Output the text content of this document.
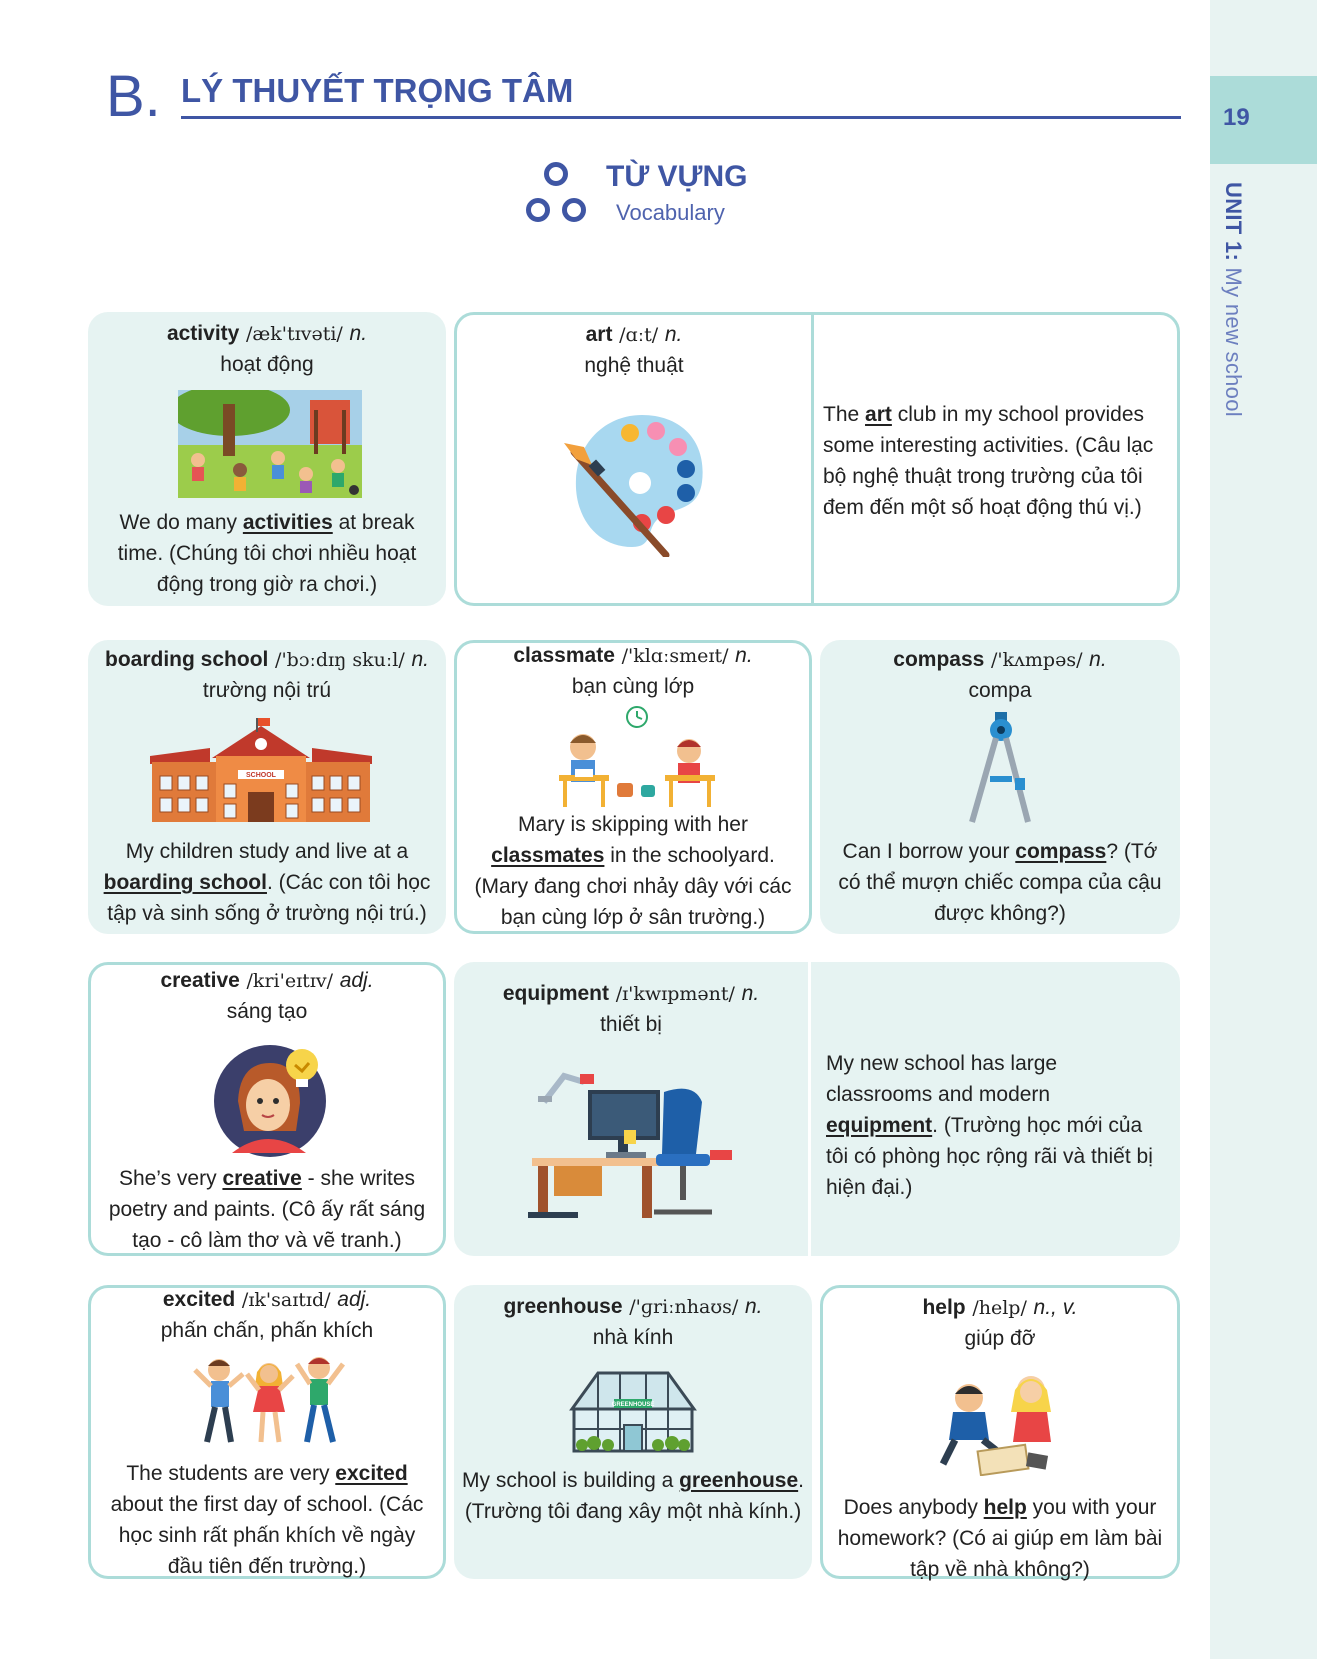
19
UNIT 1: My new school
B. LÝ THUYẾT TRỌNG TÂM
TỪ VỰNG
Vocabulary
activity /æk'tɪvəti/ n.
hoạt động
We do many activities at break time. (Chúng tôi chơi nhiều hoạt động trong giờ ra chơi.)
art /ɑːt/ n.
nghệ thuật
The art club in my school provides some interesting activities. (Câu lạc bộ nghệ thuật trong trường của tôi đem đến một số hoạt động thú vị.)
boarding school /'bɔːdɪŋ skuːl/ n.
trường nội trú
SCHOOL
My children study and live at a boarding school. (Các con tôi học tập và sinh sống ở trường nội trú.)
classmate /'klɑːsmeɪt/ n.
bạn cùng lớp
Mary is skipping with her classmates in the schoolyard. (Mary đang chơi nhảy dây với các bạn cùng lớp ở sân trường.)
compass /'kʌmpəs/ n.
compa
Can I borrow your compass? (Tớ có thể mượn chiếc compa của cậu được không?)
creative /kri'eɪtɪv/ adj.
sáng tạo
She’s very creative - she writes poetry and paints. (Cô ấy rất sáng tạo - cô làm thơ và vẽ tranh.)
equipment /ɪ'kwɪpmənt/ n.
thiết bị
My new school has large classrooms and modern equipment. (Trường học mới của tôi có phòng học rộng rãi và thiết bị hiện đại.)
excited /ɪk'saɪtɪd/ adj.
phấn chấn, phấn khích
The students are very excited about the first day of school. (Các học sinh rất phấn khích về ngày đầu tiên đến trường.)
greenhouse /'ɡriːnhaʊs/ n.
nhà kính
GREENHOUSE
My school is building a greenhouse. (Trường tôi đang xây một nhà kính.)
help /help/ n., v.
giúp đỡ
Does anybody help you with your homework? (Có ai giúp em làm bài tập về nhà không?)
